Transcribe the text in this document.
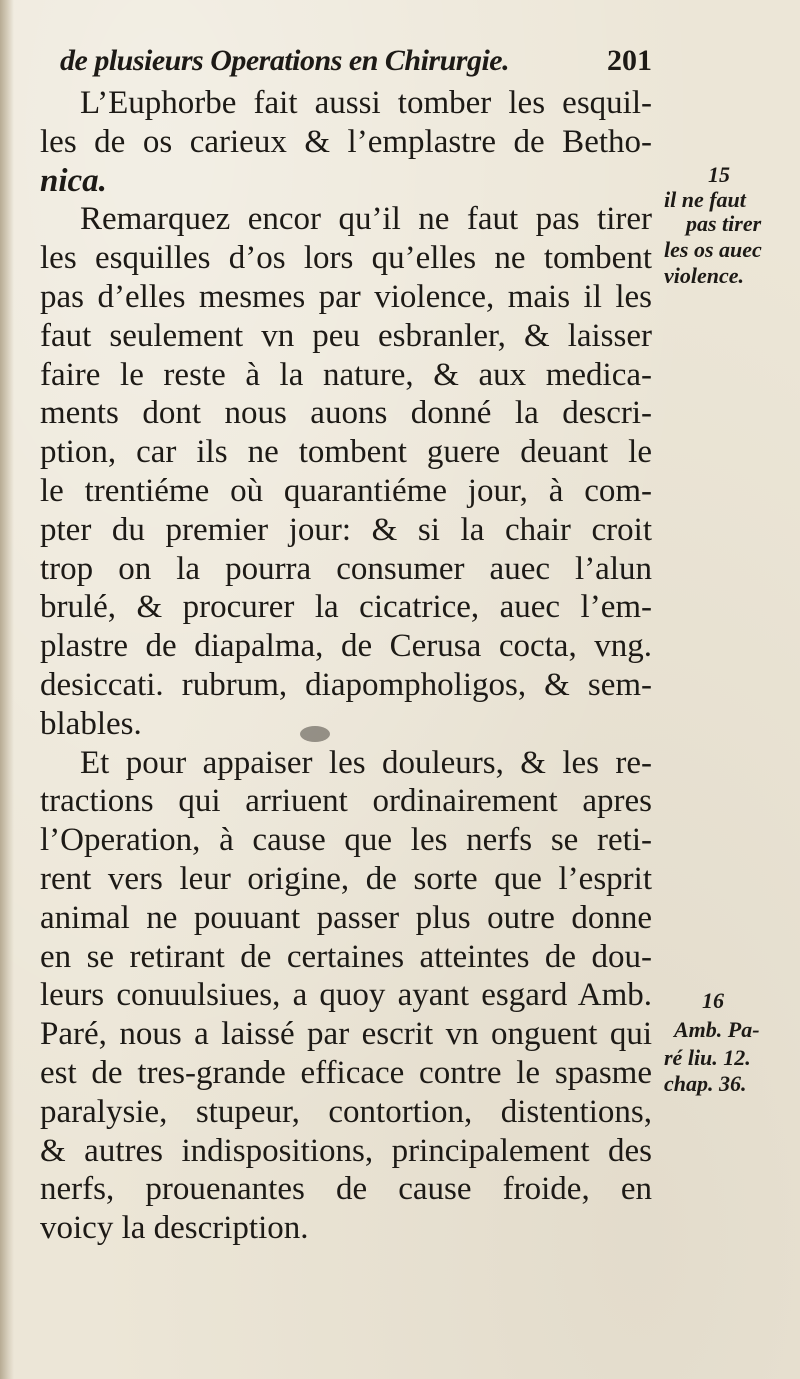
de plusieurs Operations en Chirurgie.	201
L’Euphorbe fait aussi tomber les esquil-
les de os carieux & l’emplastre de Betho-
nica.
Remarquez encor qu’il ne faut pas tirer
les esquilles d’os lors qu’elles ne tombent
pas d’elles mesmes par violence, mais il les
faut seulement vn peu esbranler, & laisser
faire le reste à la nature, & aux medica-
ments dont nous auons donné la descri-
ption, car ils ne tombent guere deuant le
le trentiéme où quarantiéme jour, à com-
pter du premier jour: & si la chair croit
trop on la pourra consumer auec l’alun
brulé, & procurer la cicatrice, auec l’em-
plastre de diapalma, de Cerusa cocta, vng.
desiccati. rubrum, diapompholigos, & sem-
blables.
Et pour appaiser les douleurs, & les re-
tractions qui arriuent ordinairement apres
l’Operation, à cause que les nerfs se reti-
rent vers leur origine, de sorte que l’esprit
animal ne pouuant passer plus outre donne
en se retirant de certaines atteintes de dou-
leurs conuulsiues, a quoy ayant esgard Amb.
Paré, nous a laissé par escrit vn onguent qui
est de tres-grande efficace contre le spasme
paralysie, stupeur, contortion, distentions,
& autres indispositions, principalement des
nerfs, prouenantes de cause froide, en
voicy la description.
15
il ne faut
pas tirer
les os auec
violence.
16
Amb. Pa-
ré liu. 12.
chap. 36.
